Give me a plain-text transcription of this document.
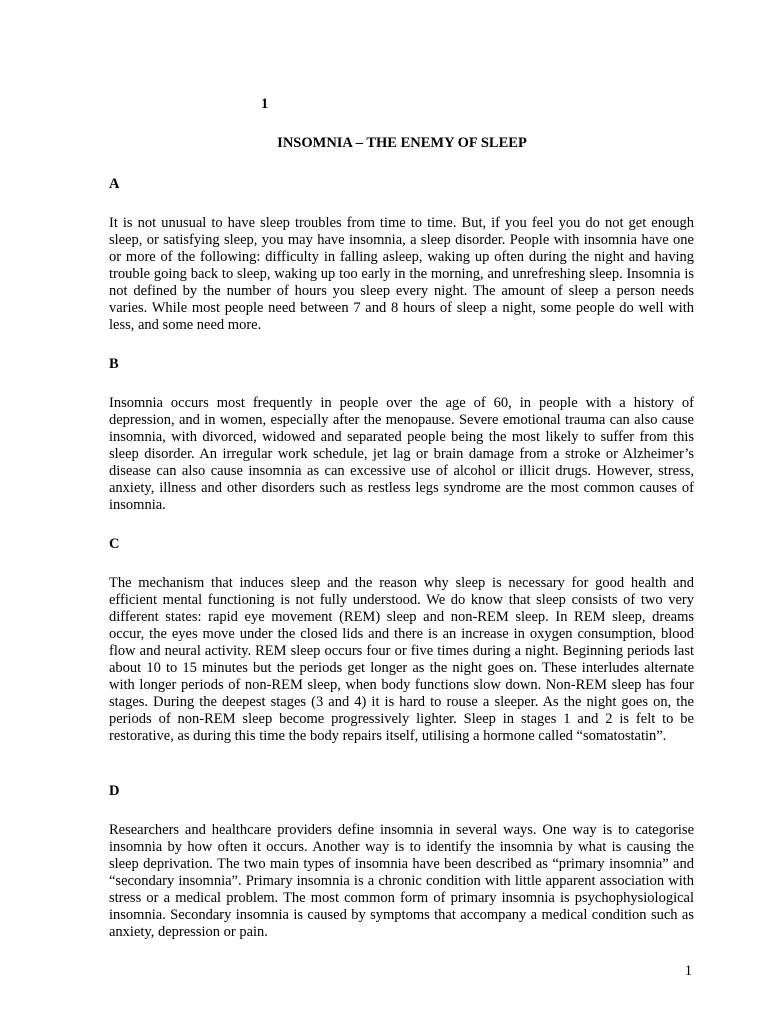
1
INSOMNIA – THE ENEMY OF SLEEP
A

It is not unusual to have sleep troubles from time to time. But, if you feel you do not get enough sleep, or satisfying sleep, you may have insomnia, a sleep disorder. People with insomnia have one or more of the following: difficulty in falling asleep, waking up often during the night and having trouble going back to sleep, waking up too early in the morning, and unrefreshing sleep. Insomnia is not defined by the number of hours you sleep every night. The amount of sleep a person needs varies. While most people need between 7 and 8 hours of sleep a night, some people do well with less, and some need more.

B

Insomnia occurs most frequently in people over the age of 60, in people with a history of depression, and in women, especially after the menopause. Severe emotional trauma can also cause insomnia, with divorced, widowed and separated people being the most likely to suffer from this sleep disorder. An irregular work schedule, jet lag or brain damage from a stroke or Alzheimer’s disease can also cause insomnia as can excessive use of alcohol or illicit drugs. However, stress, anxiety, illness and other disorders such as restless legs syndrome are the most common causes of insomnia.

C

The mechanism that induces sleep and the reason why sleep is necessary for good health and efficient mental functioning is not fully understood. We do know that sleep consists of two very different states: rapid eye movement (REM) sleep and non-REM sleep. In REM sleep, dreams occur, the eyes move under the closed lids and there is an increase in oxygen consumption, blood flow and neural activity. REM sleep occurs four or five times during a night. Beginning periods last about 10 to 15 minutes but the periods get longer as the night goes on. These interludes alternate with longer periods of non-REM sleep, when body functions slow down. Non-REM sleep has four stages. During the deepest stages (3 and 4) it is hard to rouse a sleeper. As the night goes on, the periods of non-REM sleep become progressively lighter. Sleep in stages 1 and 2 is felt to be restorative, as during this time the body repairs itself, utilising a hormone called “somatostatin”.

D

Researchers and healthcare providers define insomnia in several ways. One way is to categorise insomnia by how often it occurs. Another way is to identify the insomnia by what is causing the sleep deprivation. The two main types of insomnia have been described as “primary insomnia” and “secondary insomnia”. Primary insomnia is a chronic condition with little apparent association with stress or a medical problem. The most common form of primary insomnia is psychophysiological insomnia. Secondary insomnia is caused by symptoms that accompany a medical condition such as anxiety, depression or pain.

1
